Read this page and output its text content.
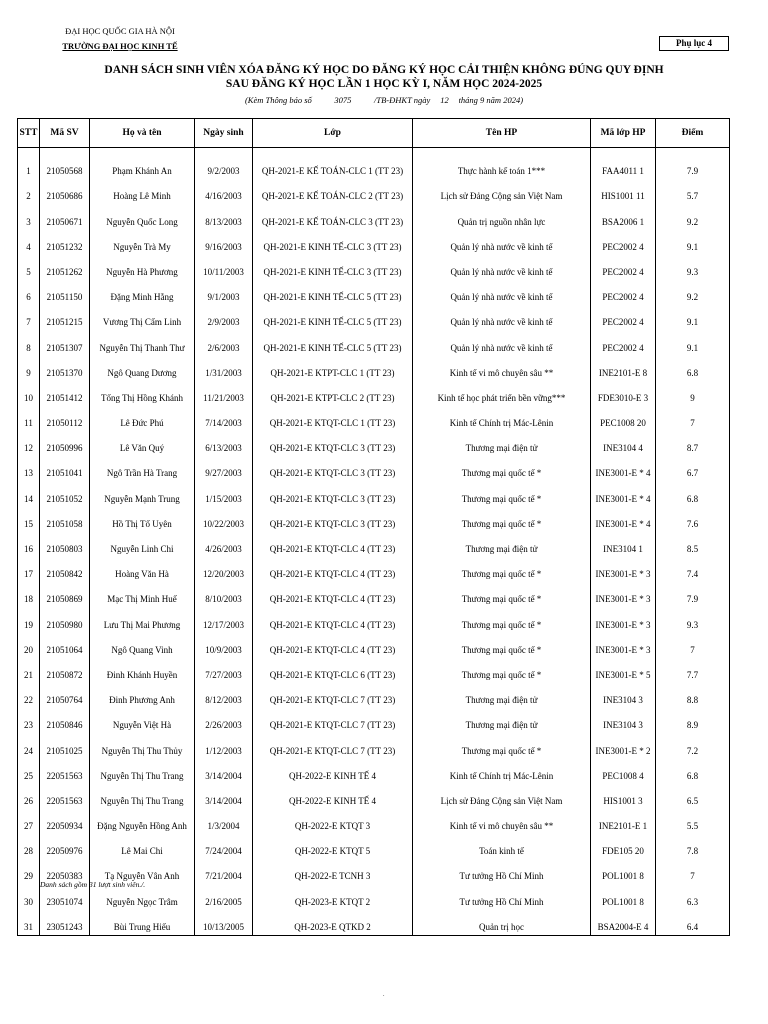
ĐẠI HỌC QUỐC GIA HÀ NỘI
TRƯỜNG ĐẠI HỌC KINH TẾ	Phụ lục 4
DANH SÁCH SINH VIÊN XÓA ĐĂNG KÝ HỌC DO ĐĂNG KÝ HỌC CẢI THIỆN KHÔNG ĐÚNG QUY ĐỊNH
SAU ĐĂNG KÝ HỌC LẦN 1 HỌC KỲ I, NĂM HỌC 2024-2025
(Kèm Thông báo số	3075	/TB-ĐHKT ngày 12 tháng 9 năm 2024)
STT	Mã SV	Họ và tên	Ngày sinh	Lớp	Tên HP	Mã lớp HP	Điểm

1	21050568	Phạm Khánh An	9/2/2003	QH-2021-E KẾ TOÁN-CLC 1 (TT 23)	Thực hành kế toán 1***	FAA4011 1	7.9
2	21050686	Hoàng Lê Minh	4/16/2003	QH-2021-E KẾ TOÁN-CLC 2 (TT 23)	Lịch sử Đảng Cộng sản Việt Nam	HIS1001 11	5.7
3	21050671	Nguyễn Quốc Long	8/13/2003	QH-2021-E KẾ TOÁN-CLC 3 (TT 23)	Quản trị nguồn nhân lực	BSA2006 1	9.2
4	21051232	Nguyễn Trà My	9/16/2003	QH-2021-E KINH TẾ-CLC 3 (TT 23)	Quản lý nhà nước về kinh tế	PEC2002 4	9.1
5	21051262	Nguyễn Hà Phương	10/11/2003	QH-2021-E KINH TẾ-CLC 3 (TT 23)	Quản lý nhà nước về kinh tế	PEC2002 4	9.3
6	21051150	Đặng Minh Hằng	9/1/2003	QH-2021-E KINH TẾ-CLC 5 (TT 23)	Quản lý nhà nước về kinh tế	PEC2002 4	9.2
7	21051215	Vương Thị Cẩm Linh	2/9/2003	QH-2021-E KINH TẾ-CLC 5 (TT 23)	Quản lý nhà nước về kinh tế	PEC2002 4	9.1
8	21051307	Nguyễn Thị Thanh Thư	2/6/2003	QH-2021-E KINH TẾ-CLC 5 (TT 23)	Quản lý nhà nước về kinh tế	PEC2002 4	9.1
9	21051370	Ngô Quang Dương	1/31/2003	QH-2021-E KTPT-CLC 1 (TT 23)	Kinh tế vi mô chuyên sâu **	INE2101-E 8	6.8
10	21051412	Tống Thị Hồng Khánh	11/21/2003	QH-2021-E KTPT-CLC 2 (TT 23)	Kinh tế học phát triển bền vững***	FDE3010-E 3	9
11	21050112	Lê Đức Phú	7/14/2003	QH-2021-E KTQT-CLC 1 (TT 23)	Kinh tế Chính trị Mác-Lênin	PEC1008 20	7
12	21050996	Lê Văn Quý	6/13/2003	QH-2021-E KTQT-CLC 3 (TT 23)	Thương mại điện tử	INE3104 4	8.7
13	21051041	Ngô Trần Hà Trang	9/27/2003	QH-2021-E KTQT-CLC 3 (TT 23)	Thương mại quốc tế *	INE3001-E * 4	6.7
14	21051052	Nguyễn Mạnh Trung	1/15/2003	QH-2021-E KTQT-CLC 3 (TT 23)	Thương mại quốc tế *	INE3001-E * 4	6.8
15	21051058	Hồ Thị Tố Uyên	10/22/2003	QH-2021-E KTQT-CLC 3 (TT 23)	Thương mại quốc tế *	INE3001-E * 4	7.6
16	21050803	Nguyễn Linh Chi	4/26/2003	QH-2021-E KTQT-CLC 4 (TT 23)	Thương mại điện tử	INE3104 1	8.5
17	21050842	Hoàng Văn Hà	12/20/2003	QH-2021-E KTQT-CLC 4 (TT 23)	Thương mại quốc tế *	INE3001-E * 3	7.4
18	21050869	Mạc Thị Minh Huế	8/10/2003	QH-2021-E KTQT-CLC 4 (TT 23)	Thương mại quốc tế *	INE3001-E * 3	7.9
19	21050980	Lưu Thị Mai Phương	12/17/2003	QH-2021-E KTQT-CLC 4 (TT 23)	Thương mại quốc tế *	INE3001-E * 3	9.3
20	21051064	Ngô Quang Vinh	10/9/2003	QH-2021-E KTQT-CLC 4 (TT 23)	Thương mại quốc tế *	INE3001-E * 3	7
21	21050872	Đinh Khánh Huyền	7/27/2003	QH-2021-E KTQT-CLC 6 (TT 23)	Thương mại quốc tế *	INE3001-E * 5	7.7
22	21050764	Đinh Phương Anh	8/12/2003	QH-2021-E KTQT-CLC 7 (TT 23)	Thương mại điện tử	INE3104 3	8.8
23	21050846	Nguyễn Việt Hà	2/26/2003	QH-2021-E KTQT-CLC 7 (TT 23)	Thương mại điện tử	INE3104 3	8.9
24	21051025	Nguyễn Thị Thu Thủy	1/12/2003	QH-2021-E KTQT-CLC 7 (TT 23)	Thương mại quốc tế *	INE3001-E * 2	7.2
25	22051563	Nguyễn Thị Thu Trang	3/14/2004	QH-2022-E KINH TẾ 4	Kinh tế Chính trị Mác-Lênin	PEC1008 4	6.8
26	22051563	Nguyễn Thị Thu Trang	3/14/2004	QH-2022-E KINH TẾ 4	Lịch sử Đảng Cộng sản Việt Nam	HIS1001 3	6.5
27	22050934	Đặng Nguyễn Hồng Anh	1/3/2004	QH-2022-E KTQT 3	Kinh tế vi mô chuyên sâu **	INE2101-E 1	5.5
28	22050976	Lê Mai Chi	7/24/2004	QH-2022-E KTQT 5	Toán kinh tế	FDE105 20	7.8
29	22050383	Tạ Nguyễn Vân Anh	7/21/2004	QH-2022-E TCNH 3	Tư tưởng Hồ Chí Minh	POL1001 8	7
30	23051074	Nguyễn Ngọc Trâm	2/16/2005	QH-2023-E KTQT 2	Tư tưởng Hồ Chí Minh	POL1001 8	6.3
31	23051243	Bùi Trung Hiếu	10/13/2005	QH-2023-E QTKD 2	Quản trị học	BSA2004-E 4	6.4
Danh sách gồm 31 lượt sinh viên./.
.
